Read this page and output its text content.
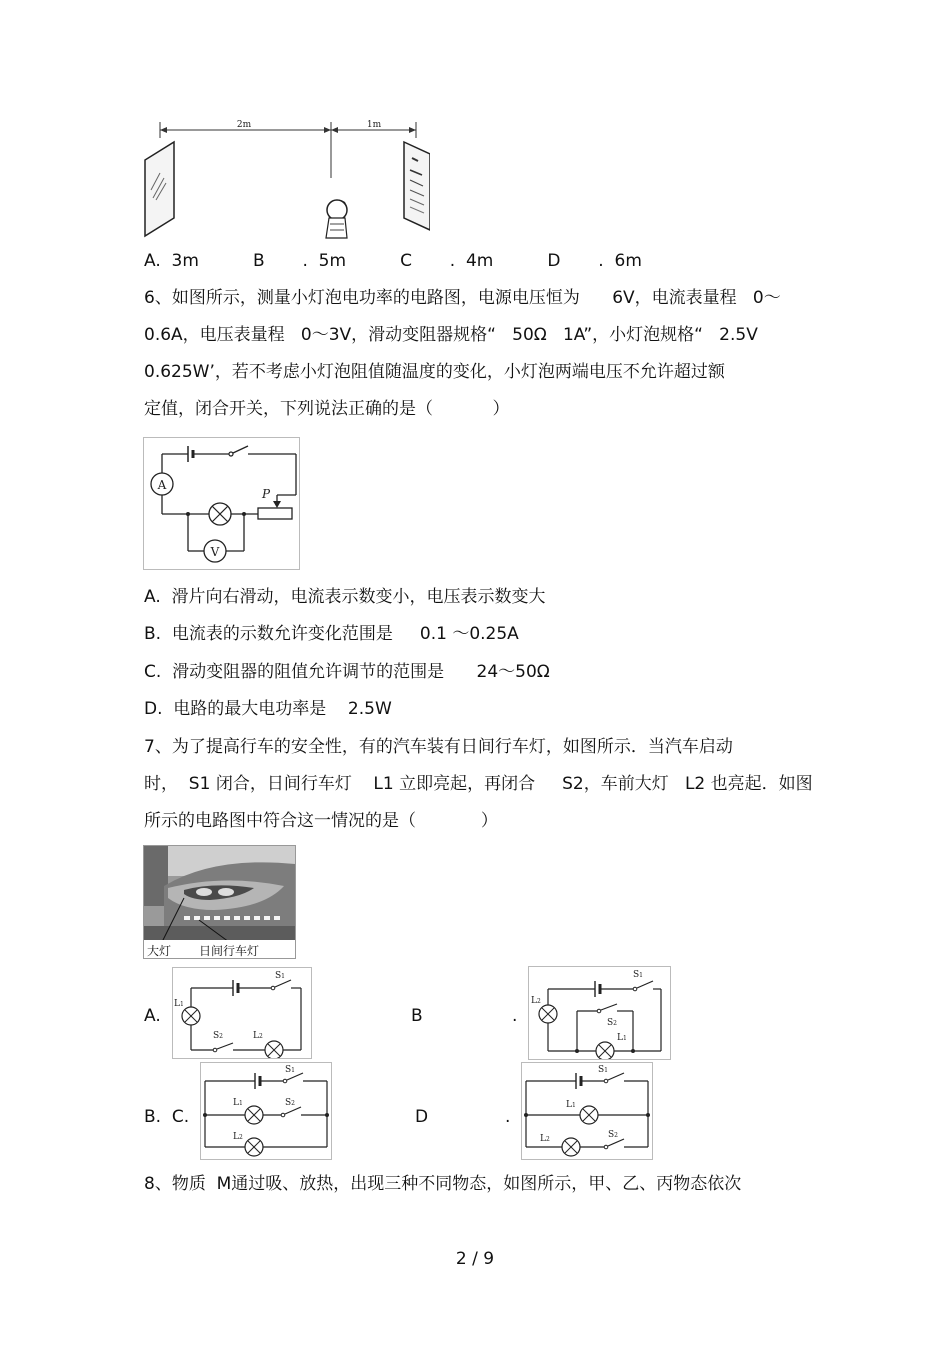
2m	1m
A.  3m          B       .  5m          C       .  4m          D       .  6m
6、如图所示，测量小灯泡电功率的电路图，电源电压恒为      6V，电流表量程   0～
0.6A，电压表量程   0～3V，滑动变阻器规格“   50Ω   1A”，小灯泡规格“   2.5V
0.625W’，若不考虑小灯泡阻值随温度的变化，小灯泡两端电压不允许超过额
定值，闭合开关，下列说法正确的是（           ）
A
P
V
A.  滑片向右滑动，电流表示数变小，电压表示数变大
B.  电流表的示数允许变化范围是     0.1 ～0.25A
C.  滑动变阻器的阻值允许调节的范围是      24～50Ω
D.  电路的最大电功率是    2.5W
7、为了提高行车的安全性，有的汽车装有日间行车灯，如图所示．当汽车启动
时，  S1 闭合，日间行车灯    L1 立即亮起，再闭合     S2，车前大灯   L2 也亮起．如图
所示的电路图中符合这一情况的是（            ）
大灯 日间行车灯
A.
S1
L1
S2	L2
B	.
S1
L2
L1
S2
B.  C.
S1
L1	S2
L2
D	.
S1
L1
L2	S2
8、物质  M通过吸、放热，出现三种不同物态，如图所示，甲、乙、丙物态依次
2 / 9
